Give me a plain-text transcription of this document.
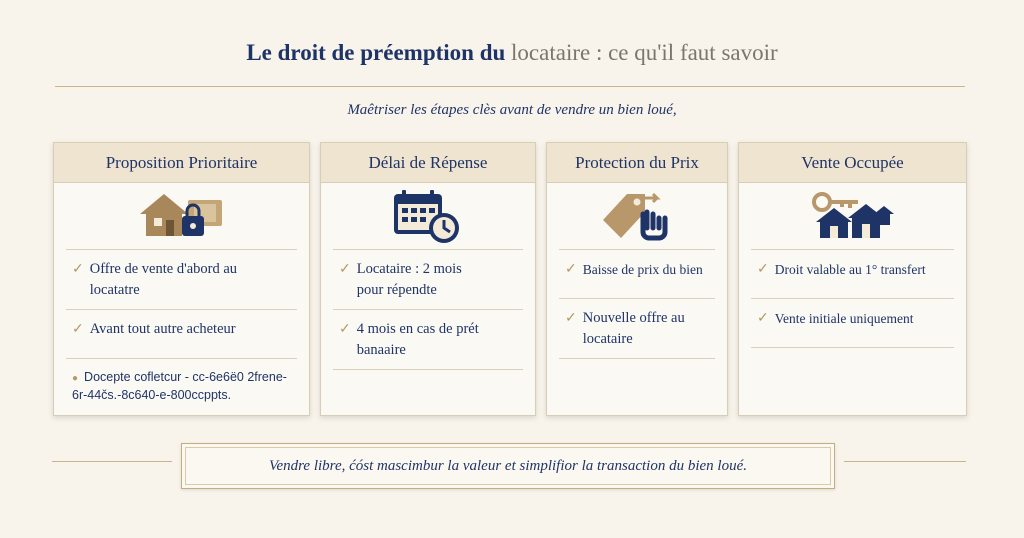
Le droit de préemption du locataire : ce qu'il faut savoir
Maêtriser les étapes clès avant de vendre un bien loué,
Proposition Prioritaire
✓ Offre de vente d'abord au locatatre
✓ Avant tout autre acheteur
● Docepte cofletcur - cc-6e6ë0 2frene-6r-44čs.-8c640-e-800ccppts.
Délai de Répense
✓ Locataire : 2 mois pour répendte
✓ 4 mois en cas de prét banaaire
Protection du Prix
✓ Baisse de prix du bien
✓ Nouvelle offre au locataire
Vente Occupée
✓ Droit valable au 1° transfert
✓ Vente initiale uniquement
Vendre libre, ćóst mascimbur la valeur et simplifior la transaction du bien loué.
